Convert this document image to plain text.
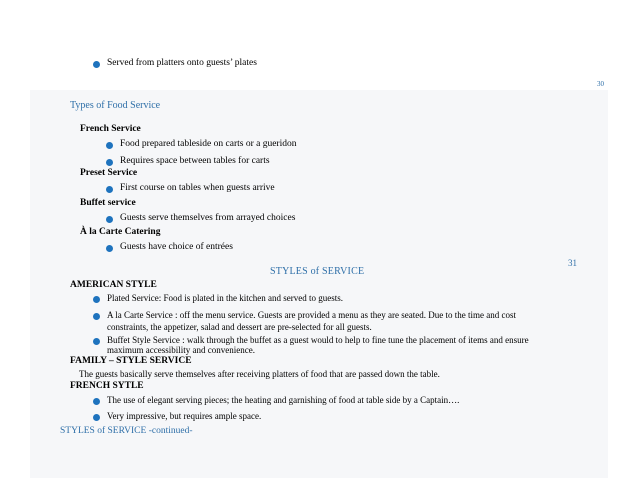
Served from platters onto guests’ plates
30
Types of Food Service
French Service
Food prepared tableside on carts or a gueridon
Requires space between tables for carts
Preset Service
First course on tables when guests arrive
Buffet service
Guests serve themselves from arrayed choices
À la Carte Catering
Guests have choice of entrées
31
STYLES of SERVICE
AMERICAN STYLE
Plated Service: Food is plated in the kitchen and served to guests.
A la Carte Service : off the menu service. Guests are provided a menu as they are seated. Due to the time and cost
constraints, the appetizer, salad and dessert are pre-selected for all guests.
Buffet Style Service : walk through the buffet as a guest would to help to fine tune the placement of items and ensure
maximum accessibility and convenience.
FAMILY – STYLE SERVICE
The guests basically serve themselves after receiving platters of food that are passed down the table.
FRENCH SYTLE
The use of elegant serving pieces; the heating and garnishing of food at table side by a Captain….
Very impressive, but requires ample space.
STYLES of SERVICE -continued-
